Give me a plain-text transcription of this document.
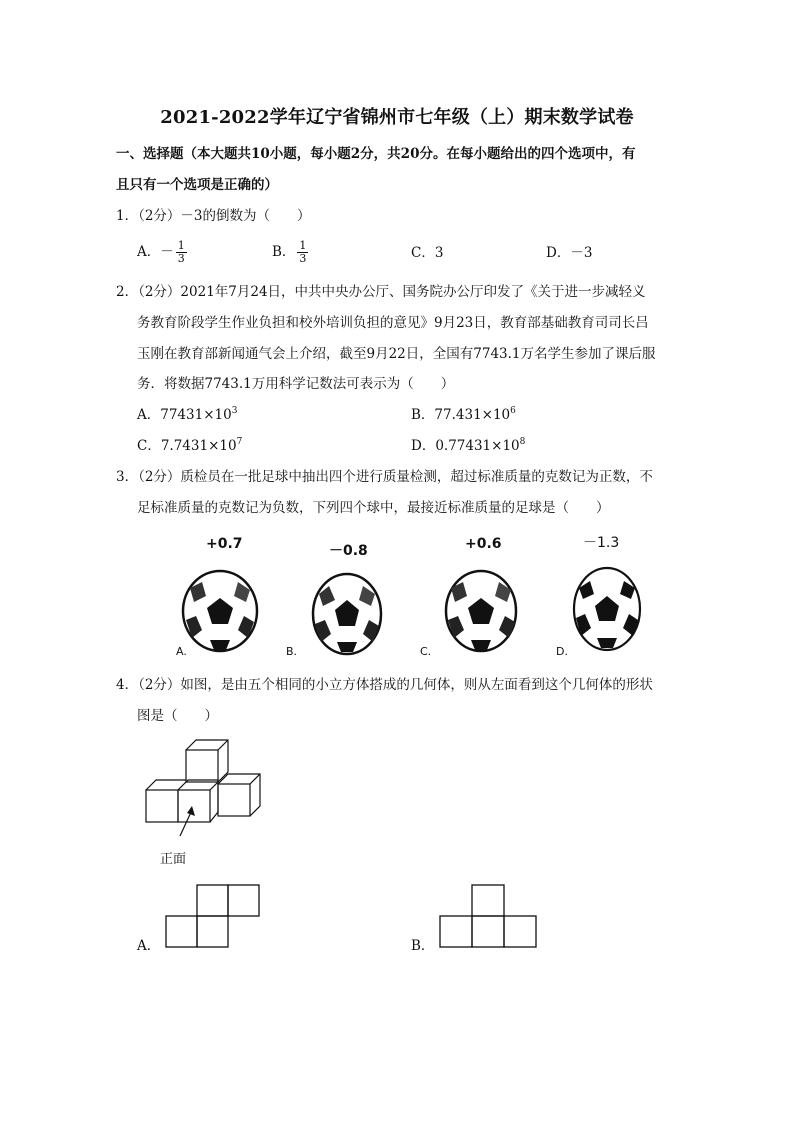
2021-2022学年辽宁省锦州市七年级（上）期末数学试卷
一、选择题（本大题共10小题，每小题2分，共20分。在每小题给出的四个选项中，有
且只有一个选项是正确的）
1．（2分）－3的倒数为（　　）
A．－ $\frac{1}{3}$	B． $\frac{1}{3}$	C．3	D．－3
2．（2分）2021年7月24日，中共中央办公厅、国务院办公厅印发了《关于进一步减轻义
务教育阶段学生作业负担和校外培训负担的意见》9月23日，教育部基础教育司司长吕
玉刚在教育部新闻通气会上介绍，截至9月22日，全国有7743.1万名学生参加了课后服
务．将数据7743.1万用科学记数法可表示为（　　）
A．$77431\times 10^3$	B．$77.431\times 10^6$
C．$7.7431\times 10^7$	D．$0.77431\times 10^8$
3．（2分）质检员在一批足球中抽出四个进行质量检测，超过标准质量的克数记为正数，不
足标准质量的克数记为负数，下列四个球中，最接近标准质量的足球是（　　）
+0.7
A.
－0.8
B.
+0.6
C.
－1.3
D.
4．（2分）如图，是由五个相同的小立方体搭成的几何体，则从左面看到这个几何体的形状
图是（　　）
正面
A．	B．
